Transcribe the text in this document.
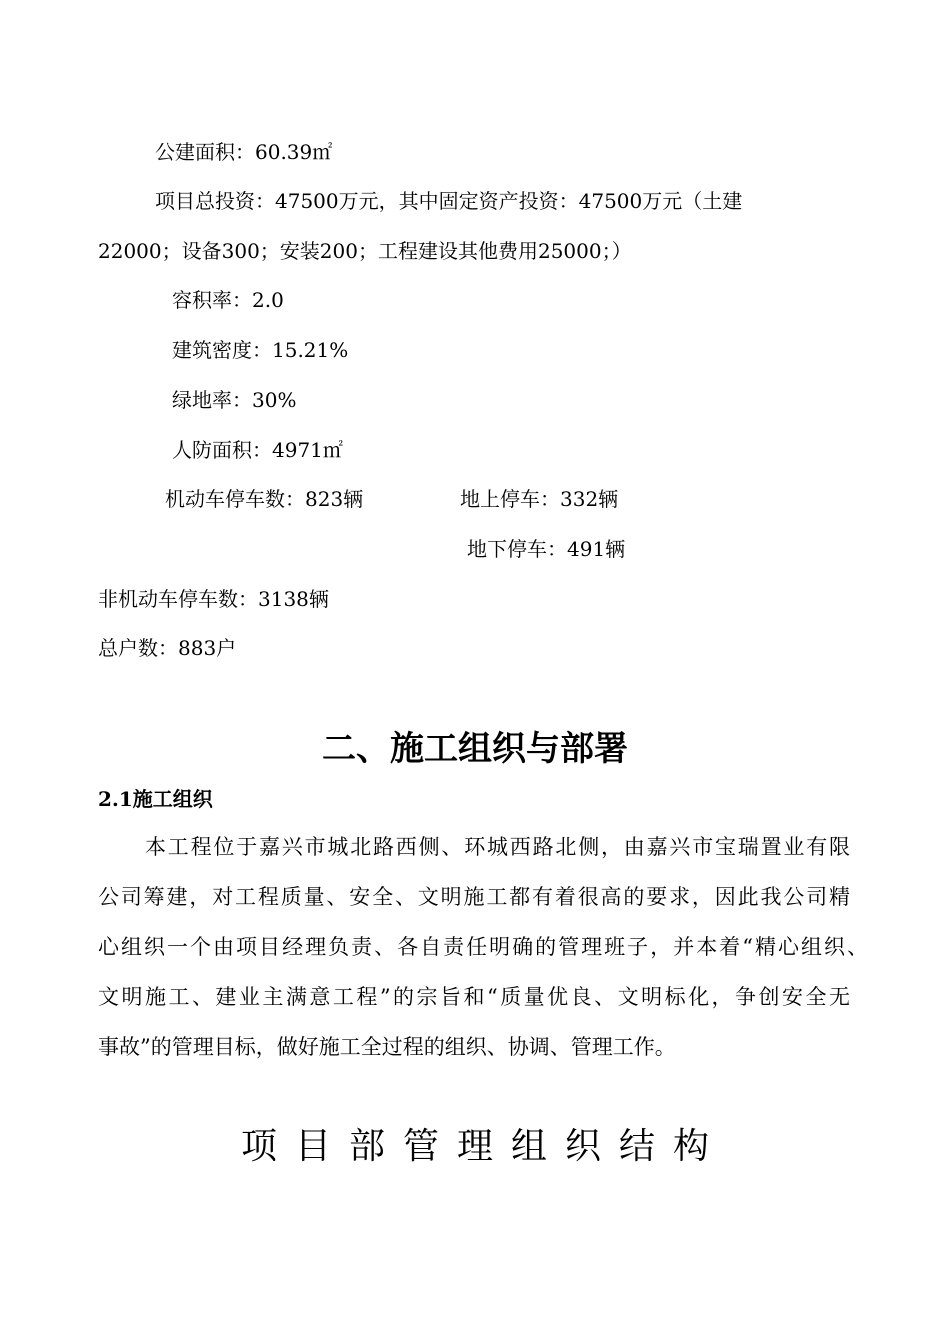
公建面积：60.39㎡
项目总投资：47500万元，其中固定资产投资：47500万元（土建
22000；设备300；安装200；工程建设其他费用25000；）
容积率：2.0
建筑密度：15.21%
绿地率：30%
人防面积：4971㎡
机动车停车数：823辆	地上停车：332辆
地下停车：491辆
非机动车停车数：3138辆
总户数：883户
二、施工组织与部署
2.1施工组织
本工程位于嘉兴市城北路西侧、环城西路北侧，由嘉兴市宝瑞置业有限
公司筹建，对工程质量、安全、文明施工都有着很高的要求，因此我公司精
心组织一个由项目经理负责、各自责任明确的管理班子，并本着“精心组织、
文明施工、建业主满意工程”的宗旨和“质量优良、文明标化，争创安全无
事故”的管理目标，做好施工全过程的组织、协调、管理工作。
项目部管理组织结构
